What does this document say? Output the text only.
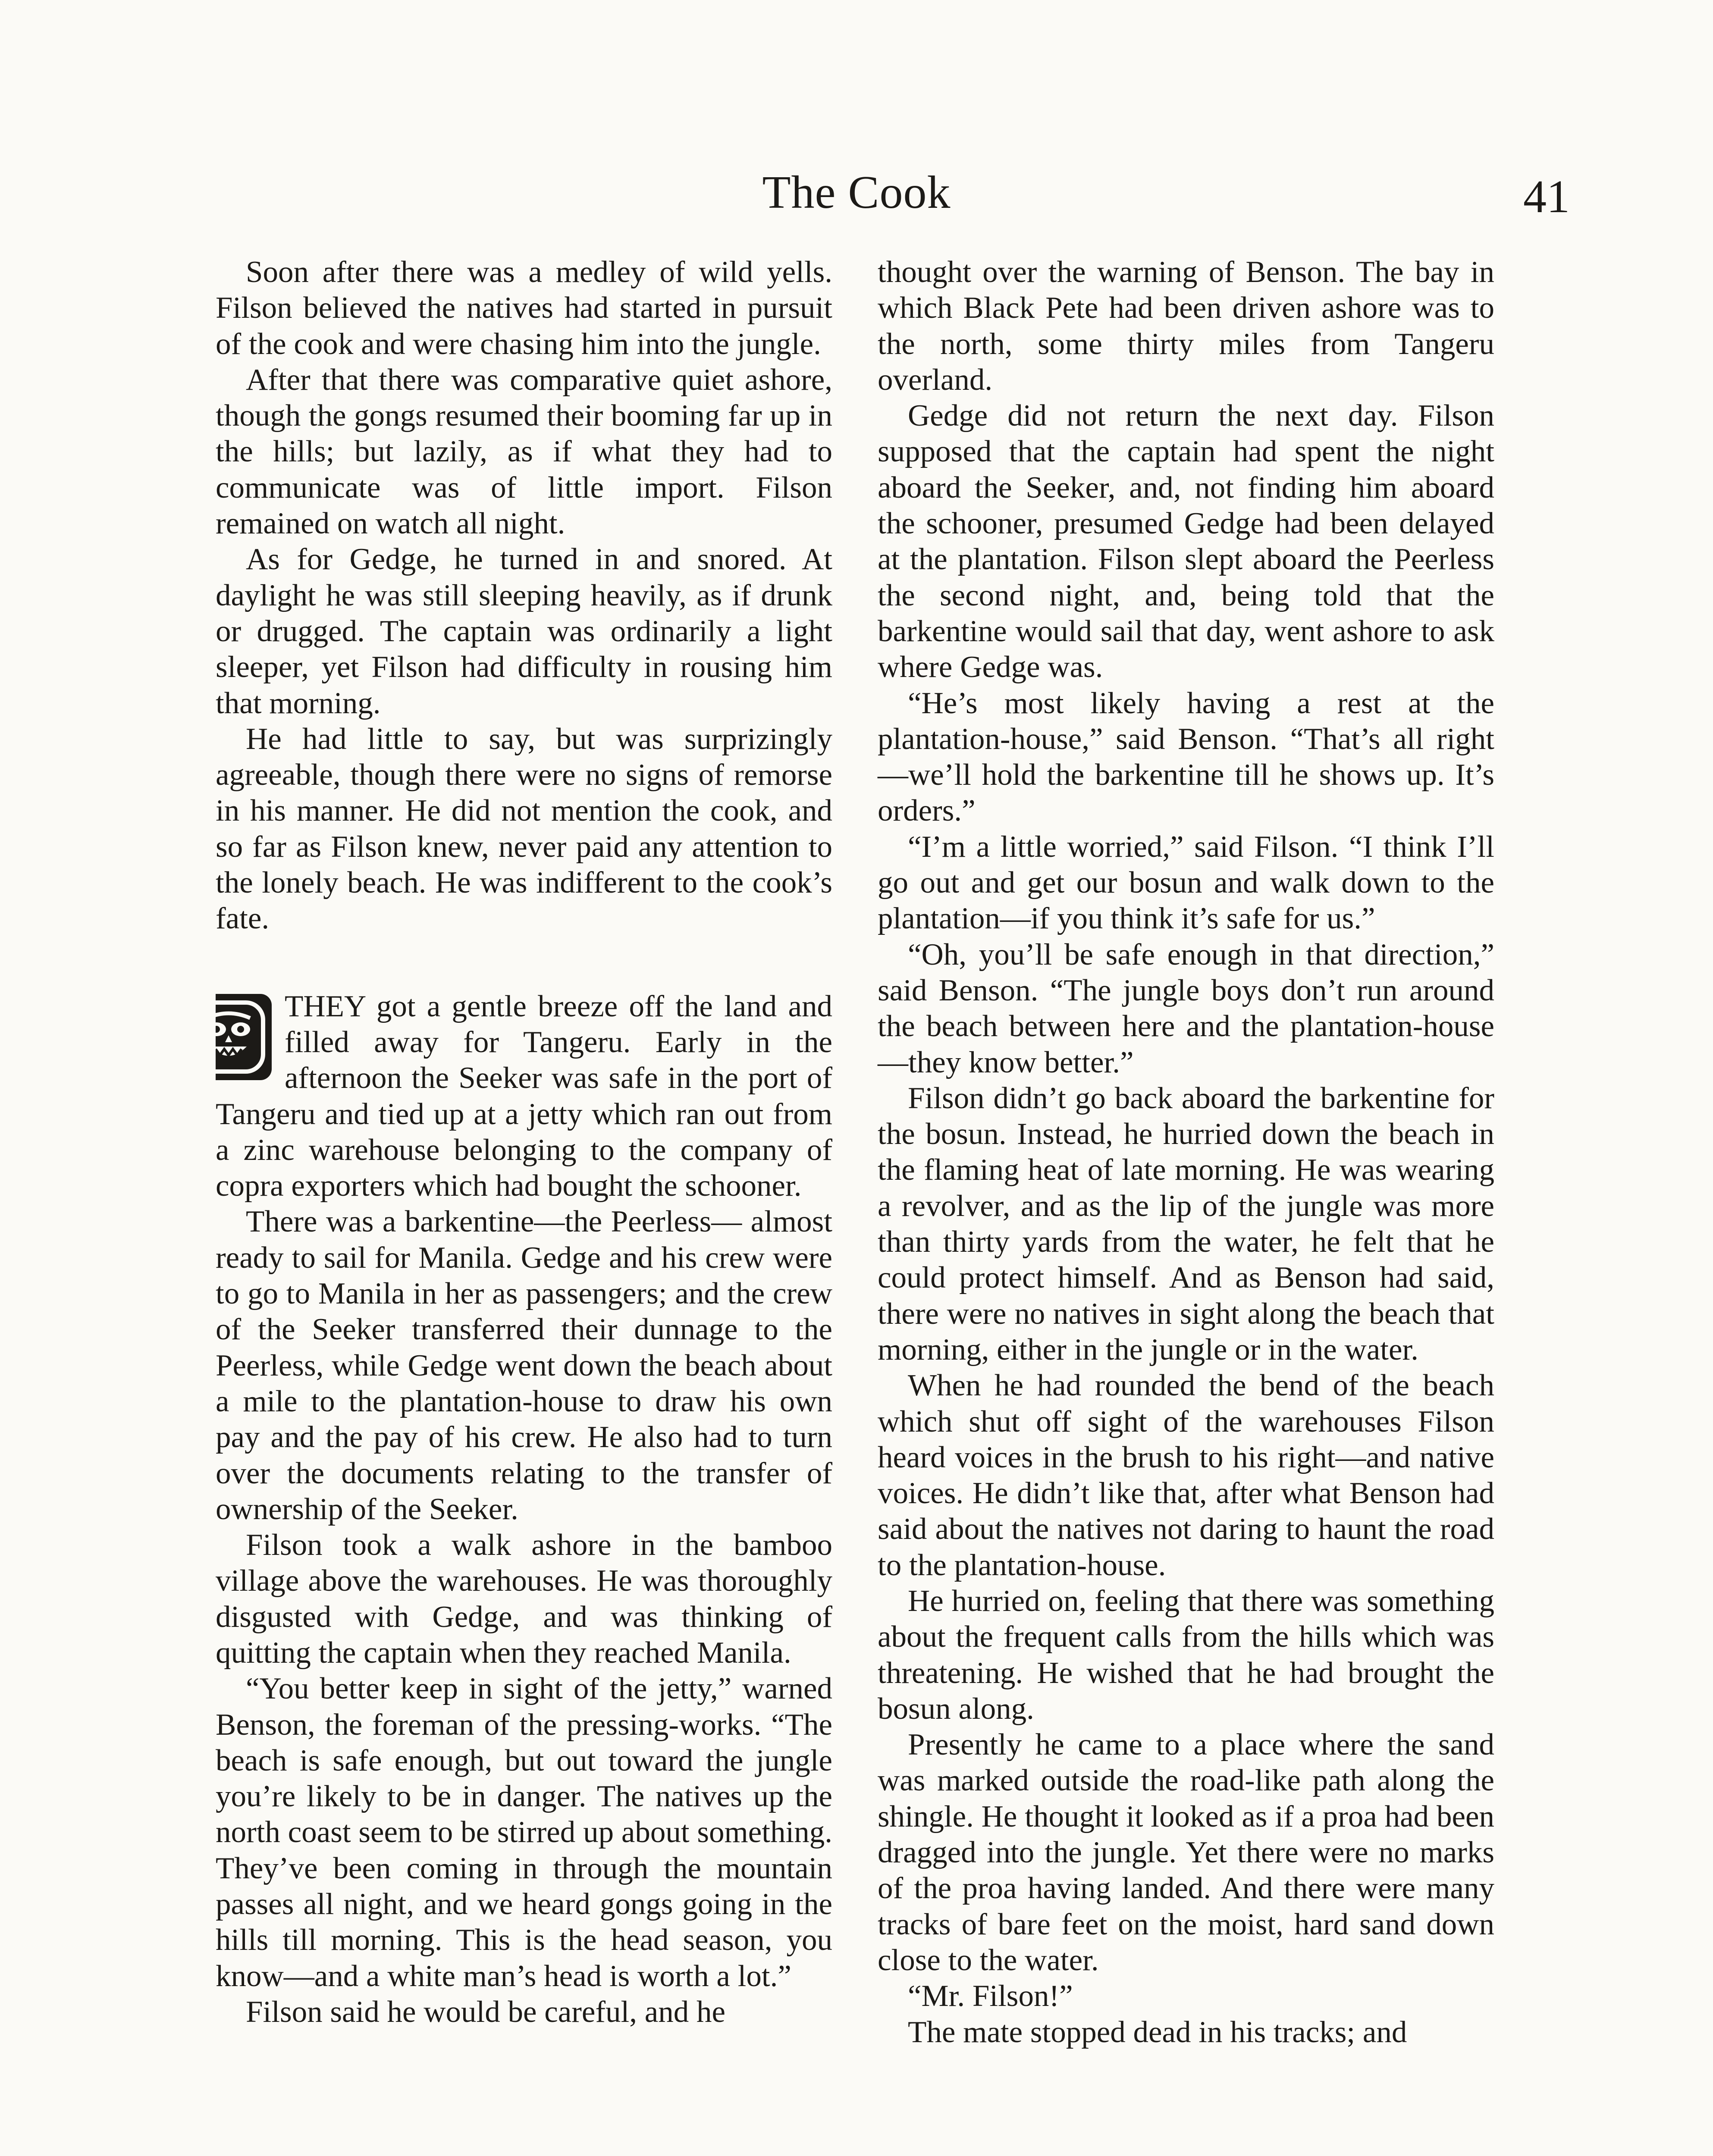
The Cook	41

Soon after there was a medley of wild yells. Filson believed the natives had started in pursuit of the cook and were chasing him into the jungle.

After that there was comparative quiet ashore, though the gongs resumed their booming far up in the hills; but lazily, as if what they had to communicate was of little import. Filson remained on watch all night.

As for Gedge, he turned in and snored. At daylight he was still sleeping heavily, as if drunk or drugged. The captain was ordinarily a light sleeper, yet Filson had difficulty in rousing him that morning.

He had little to say, but was surprizingly agreeable, though there were no signs of remorse in his manner. He did not mention the cook, and so far as Filson knew, never paid any attention to the lonely beach. He was indifferent to the cook’s fate.

THEY got a gentle breeze off the land and filled away for Tangeru. Early in the afternoon the Seeker was safe in the port of Tangeru and tied up at a jetty which ran out from a zinc warehouse belonging to the company of copra exporters which had bought the schooner.

There was a barkentine—the Peerless— almost ready to sail for Manila. Gedge and his crew were to go to Manila in her as passengers; and the crew of the Seeker transferred their dunnage to the Peerless, while Gedge went down the beach about a mile to the plantation-house to draw his own pay and the pay of his crew. He also had to turn over the documents relating to the transfer of ownership of the Seeker.

Filson took a walk ashore in the bamboo village above the warehouses. He was thoroughly disgusted with Gedge, and was thinking of quitting the captain when they reached Manila.

“You better keep in sight of the jetty,” warned Benson, the foreman of the pressing-works. “The beach is safe enough, but out toward the jungle you’re likely to be in danger. The natives up the north coast seem to be stirred up about something. They’ve been coming in through the mountain passes all night, and we heard gongs going in the hills till morning. This is the head season, you know—and a white man’s head is worth a lot.”

Filson said he would be careful, and he

thought over the warning of Benson. The bay in which Black Pete had been driven ashore was to the north, some thirty miles from Tangeru overland.

Gedge did not return the next day. Filson supposed that the captain had spent the night aboard the Seeker, and, not finding him aboard the schooner, presumed Gedge had been delayed at the plantation. Filson slept aboard the Peerless the second night, and, being told that the barkentine would sail that day, went ashore to ask where Gedge was.

“He’s most likely having a rest at the plantation-house,” said Benson. “That’s all right—we’ll hold the barkentine till he shows up. It’s orders.”

“I’m a little worried,” said Filson. “I think I’ll go out and get our bosun and walk down to the plantation—if you think it’s safe for us.”

“Oh, you’ll be safe enough in that direction,” said Benson. “The jungle boys don’t run around the beach between here and the plantation-house—they know better.”

Filson didn’t go back aboard the barkentine for the bosun. Instead, he hurried down the beach in the flaming heat of late morning. He was wearing a revolver, and as the lip of the jungle was more than thirty yards from the water, he felt that he could protect himself. And as Benson had said, there were no natives in sight along the beach that morning, either in the jungle or in the water.

When he had rounded the bend of the beach which shut off sight of the warehouses Filson heard voices in the brush to his right—and native voices. He didn’t like that, after what Benson had said about the natives not daring to haunt the road to the plantation-house.

He hurried on, feeling that there was something about the frequent calls from the hills which was threatening. He wished that he had brought the bosun along.

Presently he came to a place where the sand was marked outside the road-like path along the shingle. He thought it looked as if a proa had been dragged into the jungle. Yet there were no marks of the proa having landed. And there were many tracks of bare feet on the moist, hard sand down close to the water.

“Mr. Filson!”

The mate stopped dead in his tracks; and
